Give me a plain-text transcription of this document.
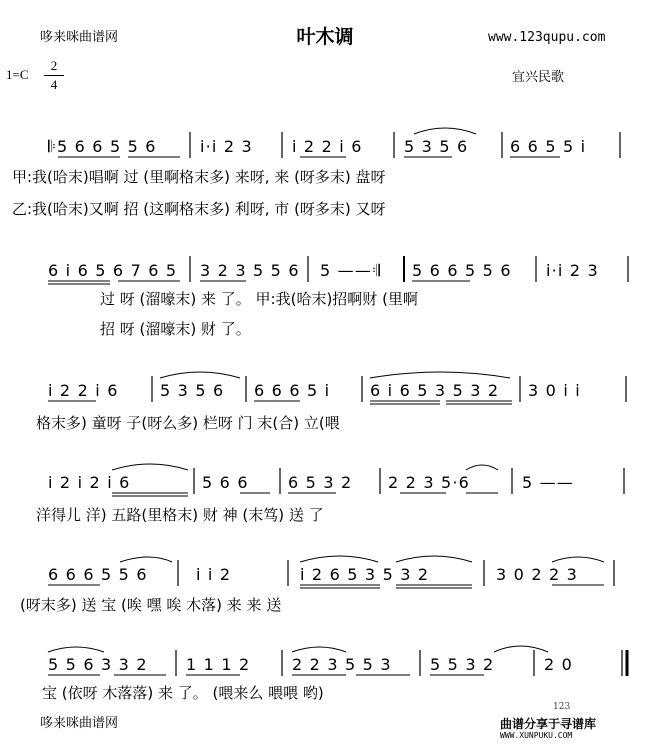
哆来咪曲谱网	叶木调	www.123qupu.com
1=C
2
4	宜兴民歌
𝄆5 6 6 5 5 6	i·i 2 3 i 2 2 i 6	5 3 5 6	6 6 5 5 i
甲:我(哈末)唱啊 过 (里啊格末多) 来呀, 来 (呀多末) 盘呀
乙:我(哈末)又啊 招 (这啊格末多) 利呀, 市 (呀多末) 又呀
6 i 6 5 6 7 6 5 3 2 3 5 5 6 5 ——𝄇 5 6 6 5 5 6 i·i 2 3
过 呀 (溜嚎末) 来 了。 甲:我(哈末)招啊财 (里啊
招 呀 (溜嚎末) 财 了。
i 2 2 i 6	5 3 5 6 6 6 6 5 i 6 i 6 5 3 5 3 2 3 0 i i
格末多) 童呀 子(呀么多) 栏呀 门 末(合) 立(喂
i 2 i 2 i 6	5 6 6 6 5 3 2 2 2 3 5·6	5 ——
洋得儿 洋) 五路(里格末) 财 神 (末笃) 送 了
6 6 6 5 5 6	i i 2	i 2 6 5 3 5 3 2	3 0 2 2 3
(呀末多) 送 宝 (唉 嘿 唉 木落) 来 来 送
5 5 6 3 3 2 1 1 1 2	2 2 3 5 5 3 5 5 3 2	2 0
宝 (依呀 木落落) 来 了。 (喂来么 喂喂 哟)
123
哆来咪曲谱网	曲谱分享于寻谱库
WWW.XUNPUKU.COM
